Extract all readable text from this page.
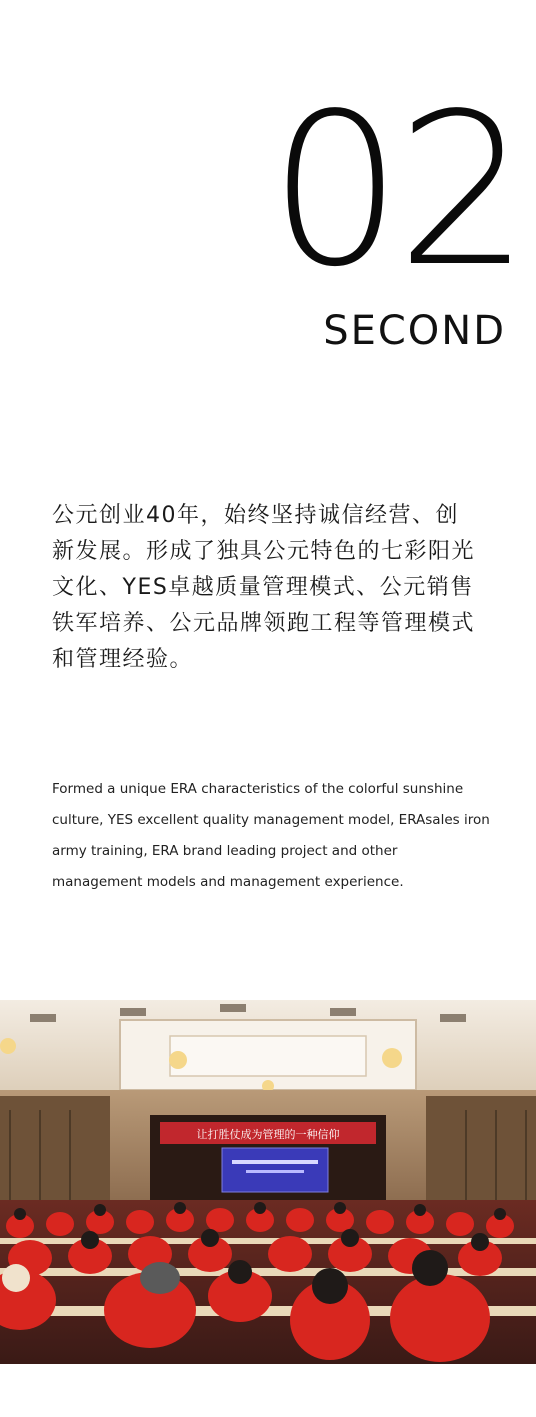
02
SECOND

公元创业40年，始终坚持诚信经营、创新发展。形成了独具公元特色的七彩阳光文化、YES卓越质量管理模式、公元销售铁军培养、公元品牌领跑工程等管理模式和管理经验。

Formed a unique ERA characteristics of the colorful sunshine culture, YES excellent quality management model, ERAsales iron army training, ERA brand leading project and other management models and management experience.

让打胜仗成为管理的一种信仰
